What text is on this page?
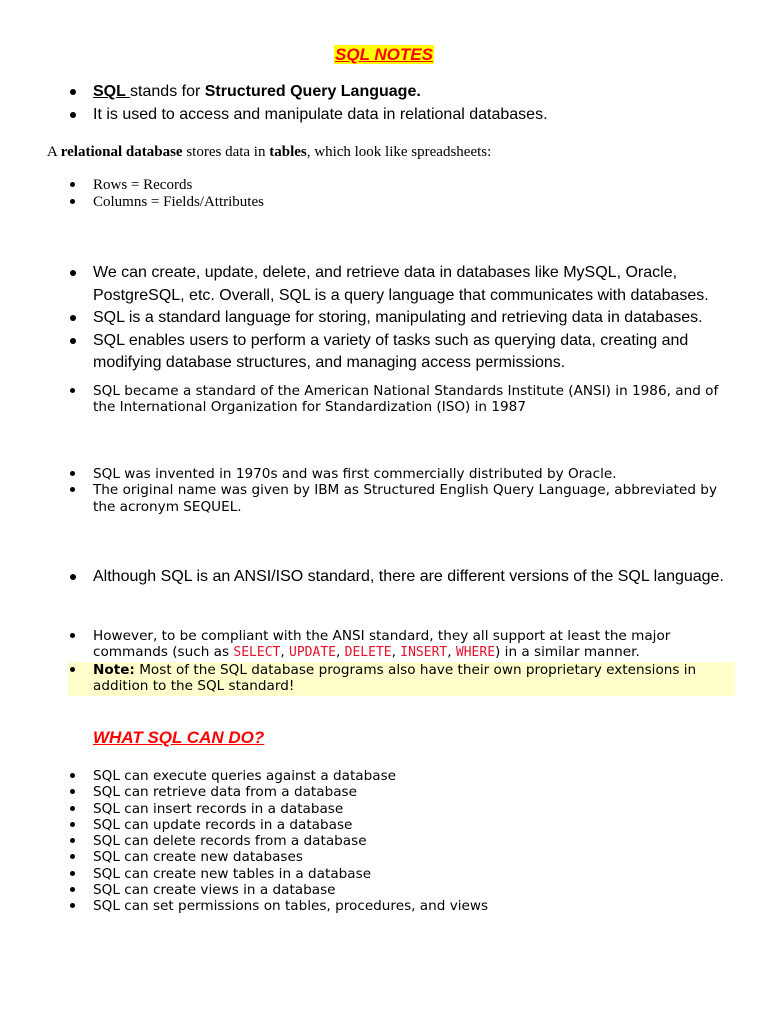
SQL NOTES
SQL stands for Structured Query Language.
It is used to access and manipulate data in relational databases.
A relational database stores data in tables, which look like spreadsheets:
Rows = Records
Columns = Fields/Attributes
We can create, update, delete, and retrieve data in databases like MySQL, Oracle, PostgreSQL, etc. Overall, SQL is a query language that communicates with databases.
SQL is a standard language for storing, manipulating and retrieving data in databases.
SQL enables users to perform a variety of tasks such as querying data, creating and modifying database structures, and managing access permissions.
SQL became a standard of the American National Standards Institute (ANSI) in 1986, and of the International Organization for Standardization (ISO) in 1987
SQL was invented in 1970s and was first commercially distributed by Oracle.
The original name was given by IBM as Structured English Query Language, abbreviated by the acronym SEQUEL.
Although SQL is an ANSI/ISO standard, there are different versions of the SQL language.
However, to be compliant with the ANSI standard, they all support at least the major commands (such as SELECT, UPDATE, DELETE, INSERT, WHERE) in a similar manner.
Note: Most of the SQL database programs also have their own proprietary extensions in addition to the SQL standard!
WHAT SQL CAN DO?
SQL can execute queries against a database
SQL can retrieve data from a database
SQL can insert records in a database
SQL can update records in a database
SQL can delete records from a database
SQL can create new databases
SQL can create new tables in a database
SQL can create views in a database
SQL can set permissions on tables, procedures, and views
